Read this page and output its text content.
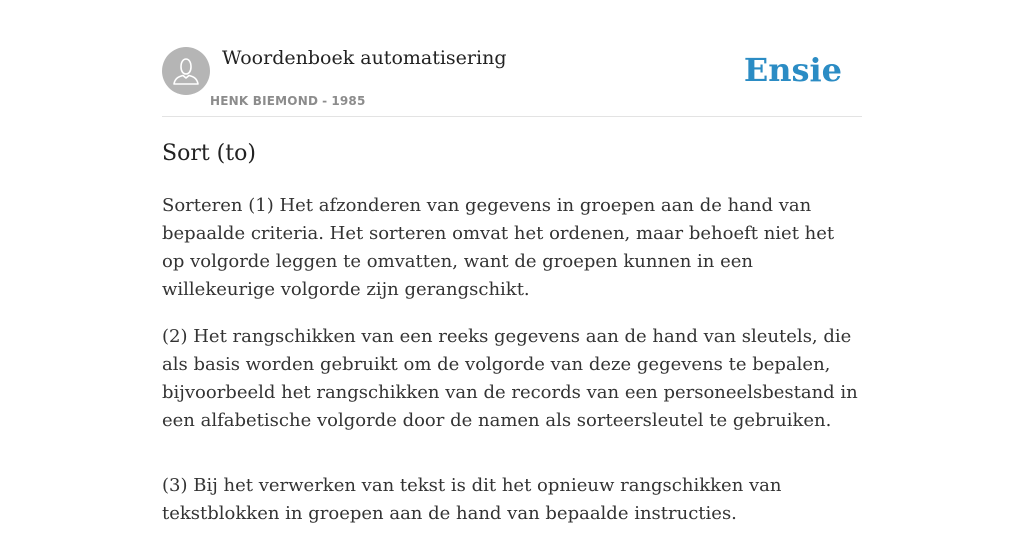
Woordenboek automatisering
HENK BIEMOND - 1985
Ensie
Sort (to)

Sorteren (1) Het afzonderen van gegevens in groepen aan de hand van bepaalde criteria. Het sorteren omvat het ordenen, maar behoeft niet het op volgorde leggen te omvatten, want de groepen kunnen in een willekeurige volgorde zijn gerangschikt.

(2) Het rangschikken van een reeks gegevens aan de hand van sleutels, die als basis worden gebruikt om de volgorde van deze gegevens te bepalen, bijvoorbeeld het rangschikken van de records van een personeelsbestand in een alfabetische volgorde door de namen als sorteersleutel te gebruiken.

(3) Bij het verwerken van tekst is dit het opnieuw rangschikken van tekstblokken in groepen aan de hand van bepaalde instructies.
